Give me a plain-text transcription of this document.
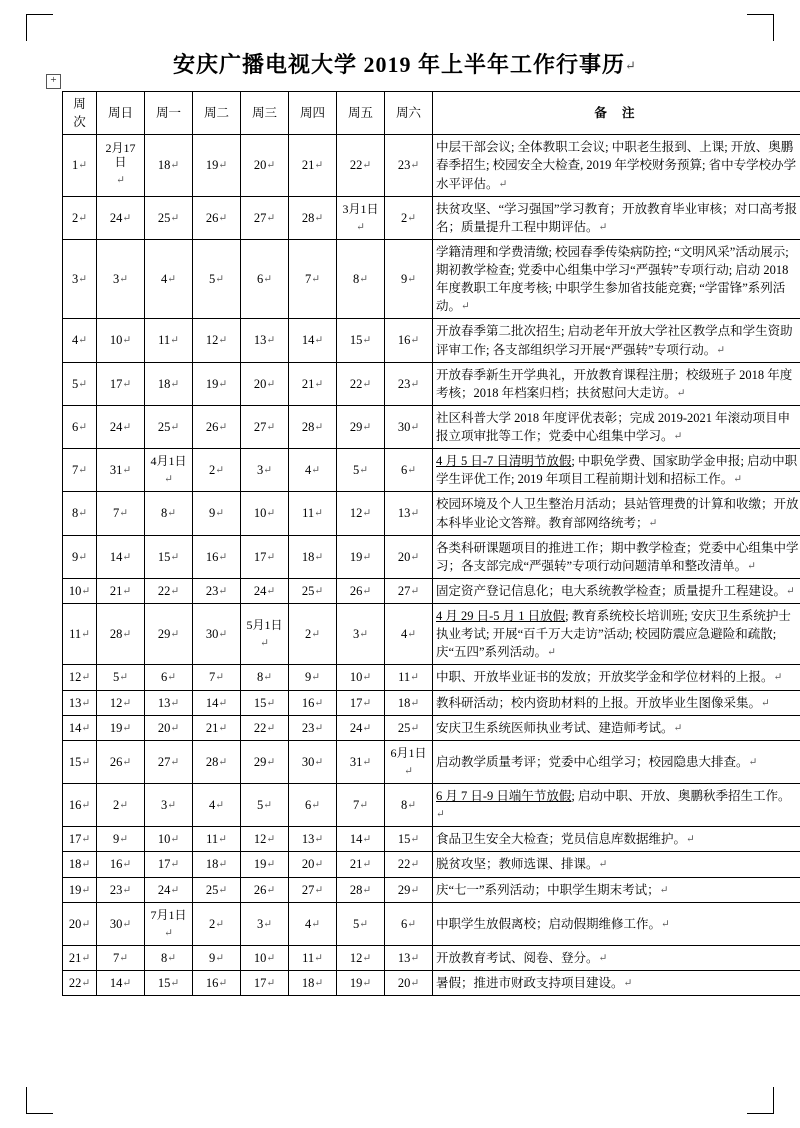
+
安庆广播电视大学 2019 年上半年工作行事历↵
周
次	周日	周一	周二	周三	周四	周五	周六	备 注
1↵	2月17日↵	18↵	19↵	20↵	21↵	22↵	23↵	中层干部会议; 全体教职工会议; 中职老生报到、上课; 开放、奥鹏春季招生; 校园安全大检查, 2019 年学校财务预算; 省中专学校办学水平评估。↵
2↵	24↵	25↵	26↵	27↵	28↵	3月1日↵	2↵	扶贫攻坚、“学习强国”学习教育；开放教育毕业审核；对口高考报名；质量提升工程中期评估。↵
3↵	3↵	4↵	5↵	6↵	7↵	8↵	9↵	学籍清理和学费清缴; 校园春季传染病防控; “文明风采”活动展示; 期初教学检查; 党委中心组集中学习“严强转”专项行动; 启动 2018 年度教职工年度考核; 中职学生参加省技能竞赛; “学雷锋”系列活动。↵
4↵	10↵	11↵	12↵	13↵	14↵	15↵	16↵	开放春季第二批次招生; 启动老年开放大学社区教学点和学生资助评审工作; 各支部组织学习开展“严强转”专项行动。↵
5↵	17↵	18↵	19↵	20↵	21↵	22↵	23↵	开放春季新生开学典礼，开放教育课程注册；校级班子 2018 年度考核；2018 年档案归档；扶贫慰问大走访。↵
6↵	24↵	25↵	26↵	27↵	28↵	29↵	30↵	社区科普大学 2018 年度评优表彰；完成 2019-2021 年滚动项目申报立项审批等工作；党委中心组集中学习。↵
7↵	31↵	4月1日↵	2↵	3↵	4↵	5↵	6↵	4 月 5 日-7 日清明节放假; 中职免学费、国家助学金申报; 启动中职学生评优工作; 2019 年项目工程前期计划和招标工作。↵
8↵	7↵	8↵	9↵	10↵	11↵	12↵	13↵	校园环境及个人卫生整治月活动；县站管理费的计算和收缴；开放本科毕业论文答辩。教育部网络统考；↵
9↵	14↵	15↵	16↵	17↵	18↵	19↵	20↵	各类科研课题项目的推进工作；期中教学检查；党委中心组集中学习；各支部完成“严强转”专项行动问题清单和整改清单。↵
10↵	21↵	22↵	23↵	24↵	25↵	26↵	27↵	固定资产登记信息化；电大系统教学检查；质量提升工程建设。↵
11↵	28↵	29↵	30↵	5月1日↵	2↵	3↵	4↵	4 月 29 日-5 月 1 日放假; 教育系统校长培训班; 安庆卫生系统护士执业考试; 开展“百千万大走访”活动; 校园防震应急避险和疏散; 庆“五四”系列活动。↵
12↵	5↵	6↵	7↵	8↵	9↵	10↵	11↵	中职、开放毕业证书的发放；开放奖学金和学位材料的上报。↵
13↵	12↵	13↵	14↵	15↵	16↵	17↵	18↵	教科研活动；校内资助材料的上报。开放毕业生图像采集。↵
14↵	19↵	20↵	21↵	22↵	23↵	24↵	25↵	安庆卫生系统医师执业考试、建造师考试。↵
15↵	26↵	27↵	28↵	29↵	30↵	31↵	6月1日↵	启动教学质量考评；党委中心组学习；校园隐患大排查。↵
16↵	2↵	3↵	4↵	5↵	6↵	7↵	8↵	6 月 7 日-9 日端午节放假; 启动中职、开放、奥鹏秋季招生工作。↵
17↵	9↵	10↵	11↵	12↵	13↵	14↵	15↵	食品卫生安全大检查；党员信息库数据维护。↵
18↵	16↵	17↵	18↵	19↵	20↵	21↵	22↵	脱贫攻坚；教师选课、排课。↵
19↵	23↵	24↵	25↵	26↵	27↵	28↵	29↵	庆“七一”系列活动；中职学生期末考试；↵
20↵	30↵	7月1日↵	2↵	3↵	4↵	5↵	6↵	中职学生放假离校；启动假期维修工作。↵
21↵	7↵	8↵	9↵	10↵	11↵	12↵	13↵	开放教育考试、阅卷、登分。↵
22↵	14↵	15↵	16↵	17↵	18↵	19↵	20↵	暑假；推进市财政支持项目建设。↵
